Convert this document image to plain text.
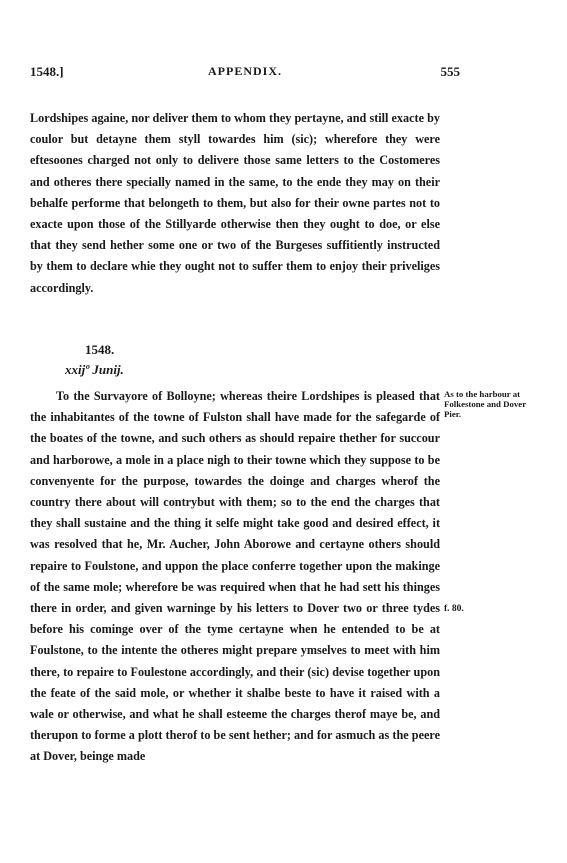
1548.]	APPENDIX.	555

Lordshipes againe, nor deliver them to whom they pertayne, and still exacte by coulor but detayne them styll towardes him (sic); wherefore they were eftesoones charged not only to delivere those same letters to the Costomeres and otheres there specially named in the same, to the ende they may on their behalfe performe that belongeth to them, but also for their owne partes not to exacte upon those of the Stillyarde otherwise then they ought to doe, or else that they send hether some one or two of the Burgeses suffitiently instructed by them to declare whie they ought not to suffer them to enjoy their priveliges accordingly.

1548.
xxijº Junij.

To the Survayore of Bolloyne; whereas theire Lordshipes is pleased that the inhabitantes of the towne of Fulston shall have made for the safegarde of the boates of the towne, and such others as should repaire thether for succour and harborowe, a mole in a place nigh to their towne which they suppose to be convenyente for the purpose, towardes the doinge and charges wherof the country there about will contrybut with them; so to the end the charges that they shall sustaine and the thing it selfe might take good and desired effect, it was resolved that he, Mr. Aucher, John Aborowe and certayne others should repaire to Foulstone, and uppon the place conferre together upon the makinge of the same mole; wherefore be was required when that he had sett his thinges there in order, and given warninge by his letters to Dover two or three tydes before his cominge over of the tyme certayne when he entended to be at Foulstone, to the intente the otheres might prepare ymselves to meet with him there, to repaire to Foulestone accordingly, and their (sic) devise together upon the feate of the said mole, or whether it shalbe beste to have it raised with a wale or otherwise, and what he shall esteeme the charges therof maye be, and therupon to forme a plott therof to be sent hether; and for asmuch as the peere at Dover, beinge made

As to the harbour at Folkestone and Dover Pier.
f. 80.
